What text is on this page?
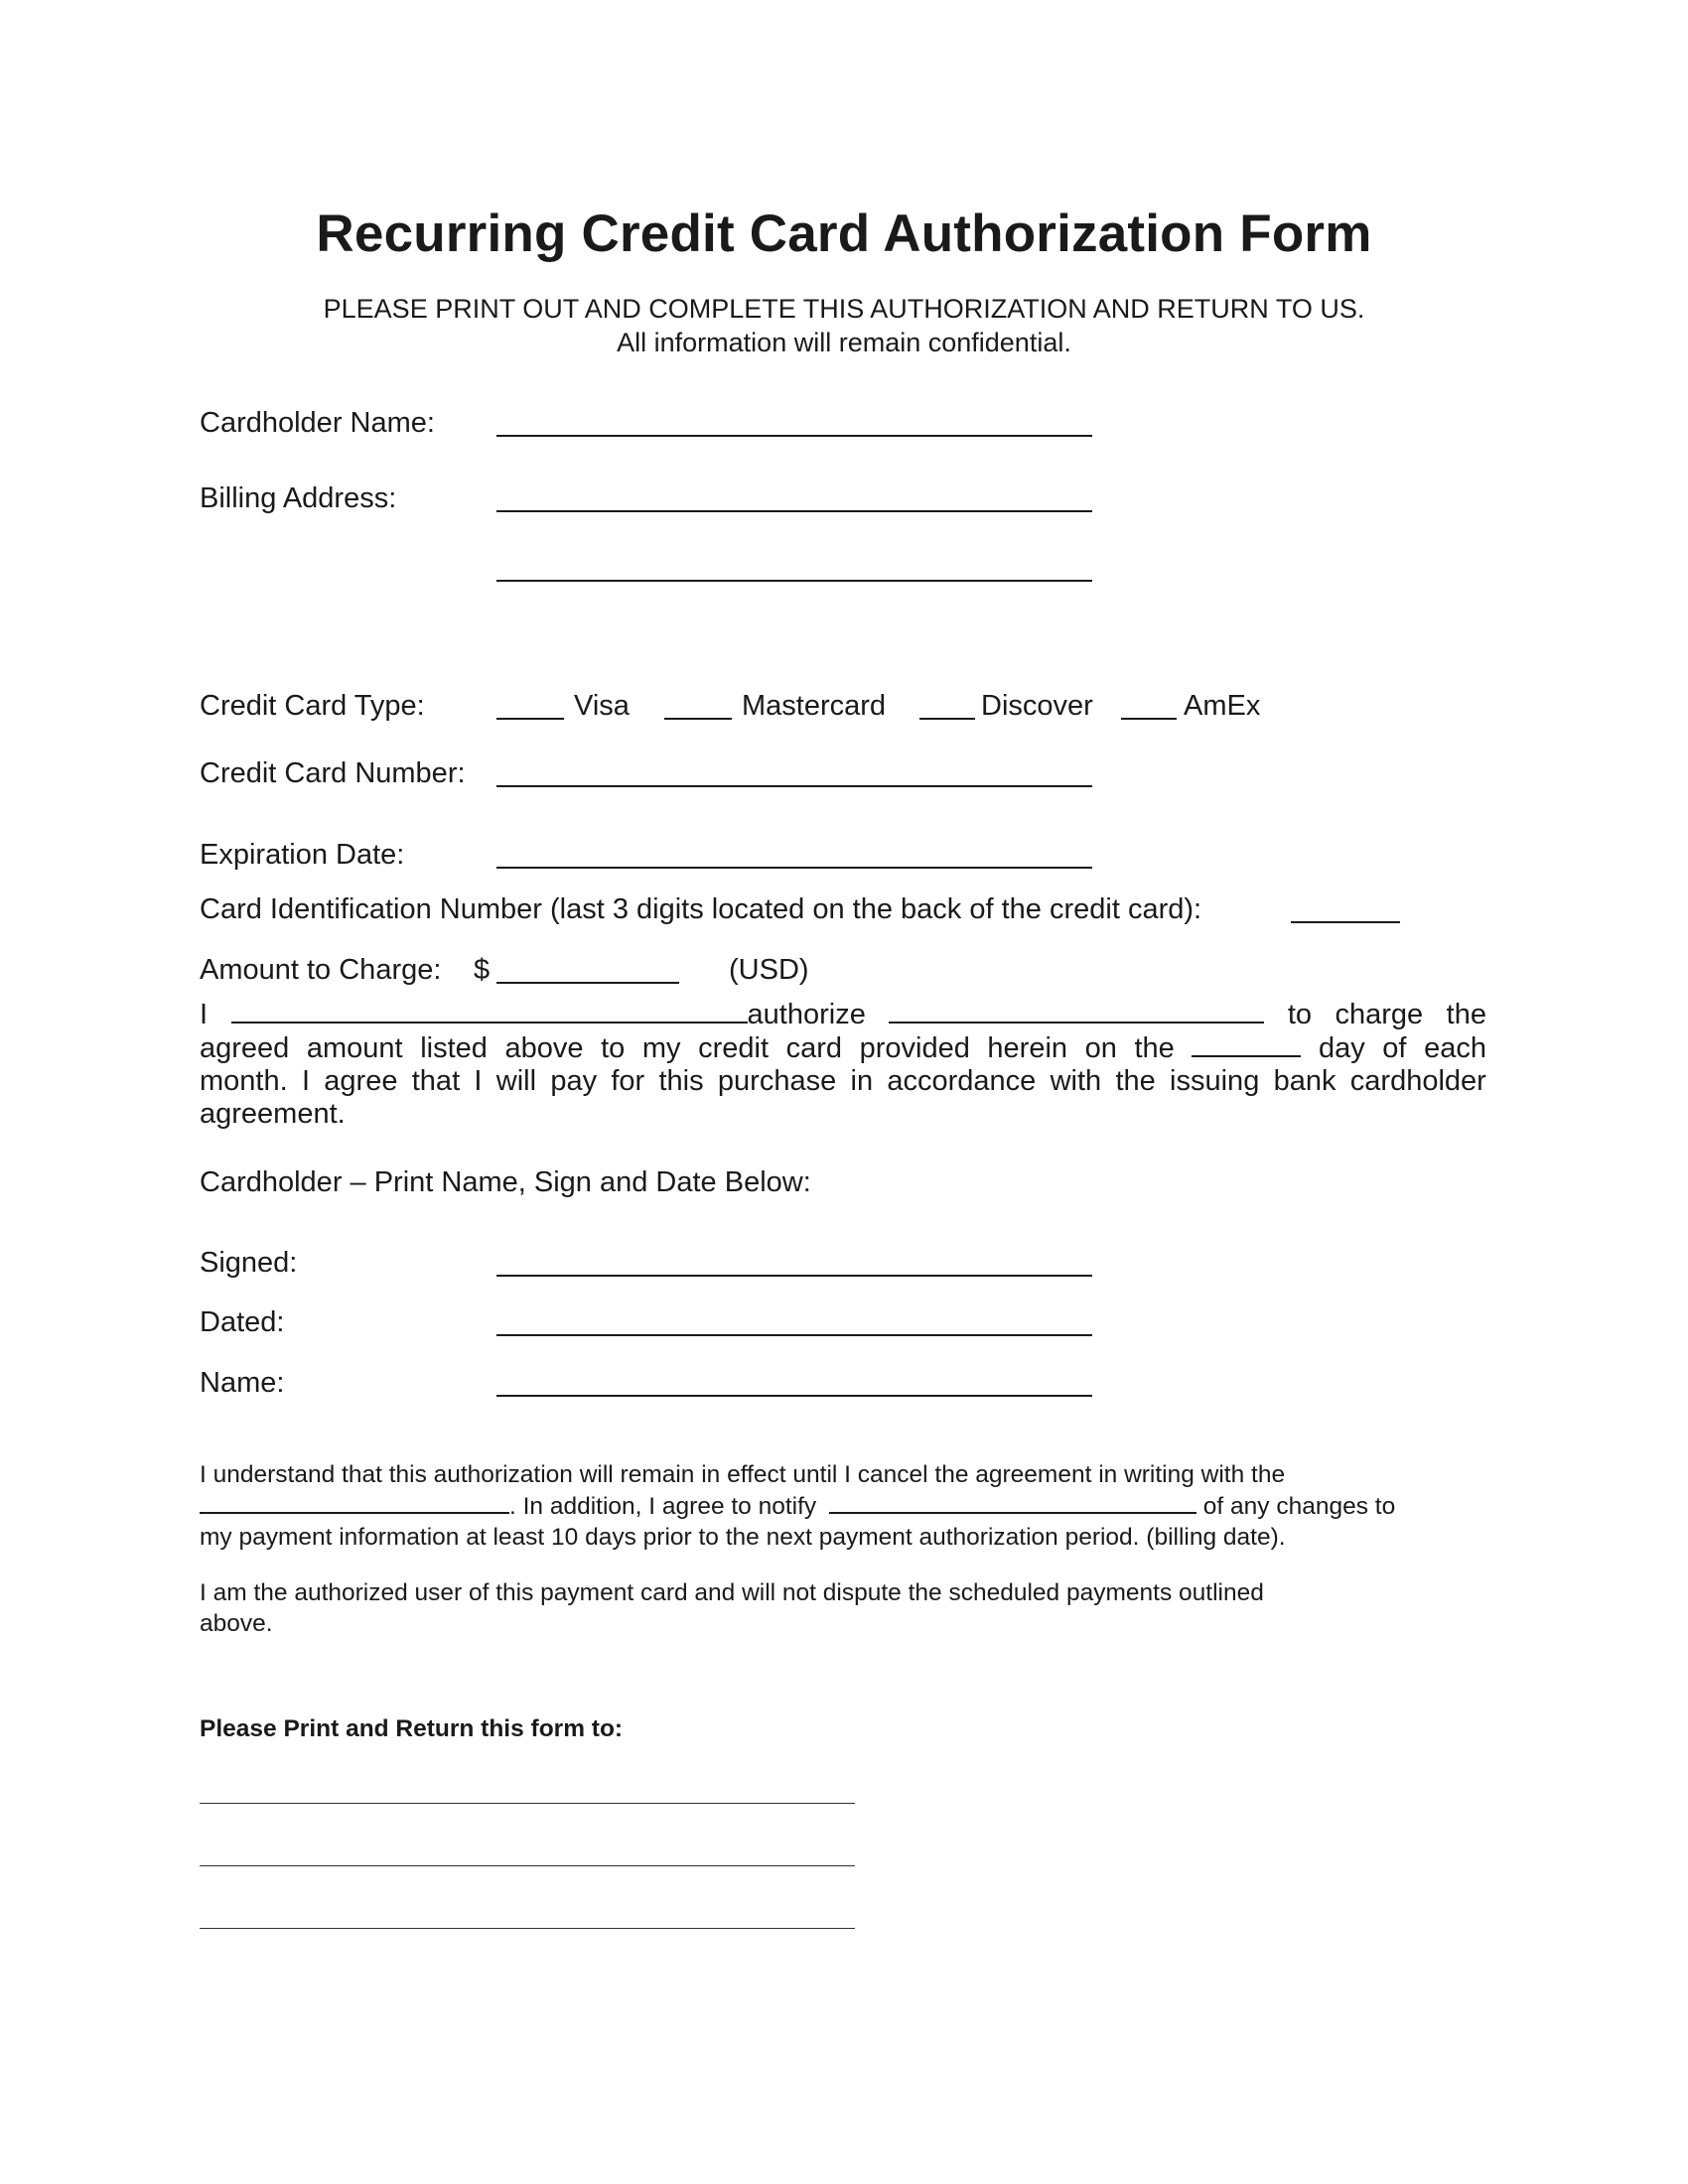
Recurring Credit Card Authorization Form
PLEASE PRINT OUT AND COMPLETE THIS AUTHORIZATION AND RETURN TO US.
All information will remain confidential.
Cardholder Name:
Billing Address:
Credit Card Type:	Visa	Mastercard	Discover	AmEx
Credit Card Number:
Expiration Date:
Card Identification Number (last 3 digits located on the back of the credit card):
Amount to Charge: $	(USD)
I	authorize	to charge the
agreed amount listed above to my credit card provided herein on the	day of each
month. I agree that I will pay for this purchase in accordance with the issuing bank cardholder
agreement.
Cardholder – Print Name, Sign and Date Below:
Signed:
Dated:
Name:
I understand that this authorization will remain in effect until I cancel the agreement in writing with the
. In addition, I agree to notify	of any changes to
my payment information at least 10 days prior to the next payment authorization period. (billing date).
I am the authorized user of this payment card and will not dispute the scheduled payments outlined
above.
Please Print and Return this form to:
